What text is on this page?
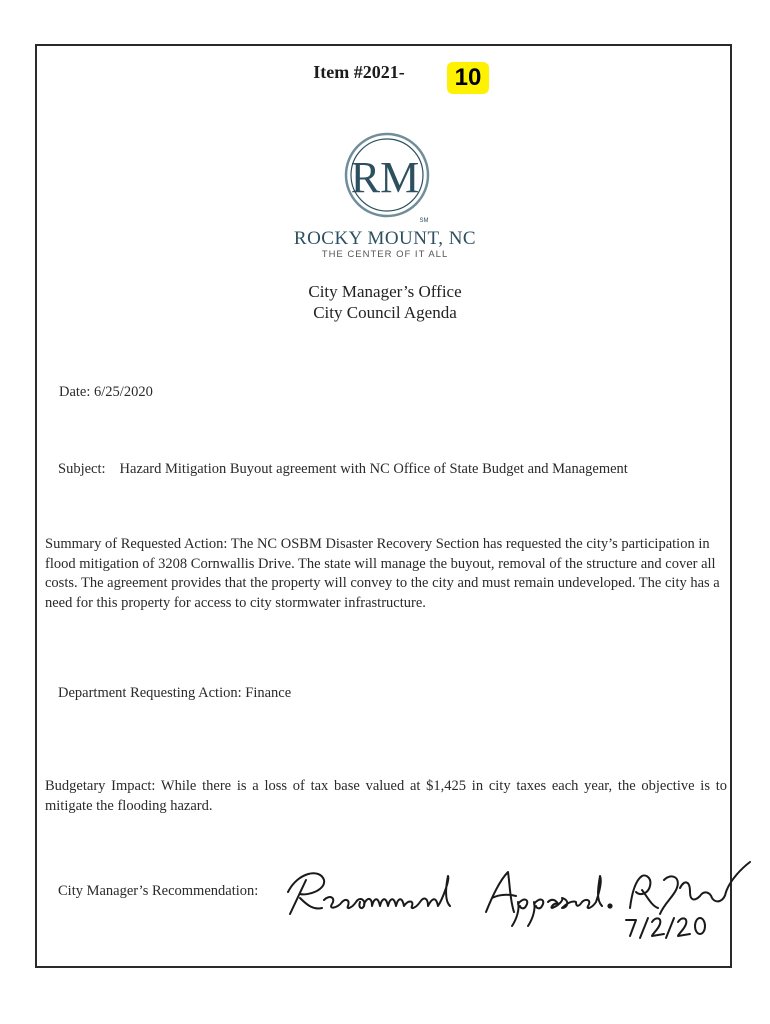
Item #2021-	10
RM
SM
ROCKY MOUNT, NC
THE CENTER OF IT ALL
City Manager’s Office
City Council Agenda
Date: 6/25/2020
Subject: Hazard Mitigation Buyout agreement with NC Office of State Budget and Management
Summary of Requested Action: The NC OSBM Disaster Recovery Section has requested the city’s participation in flood mitigation of 3208 Cornwallis Drive. The state will manage the buyout, removal of the structure and cover all costs. The agreement provides that the property will convey to the city and must remain undeveloped. The city has a need for this property for access to city stormwater infrastructure.
Department Requesting Action: Finance
Budgetary Impact: While there is a loss of tax base valued at $1,425 in city taxes each year, the objective is to mitigate the flooding hazard.
City Manager’s Recommendation:
